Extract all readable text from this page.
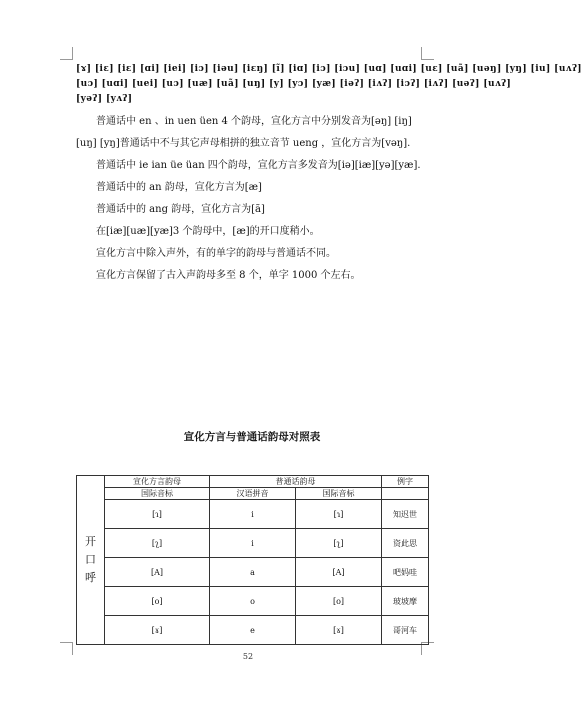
[ɤ] [iɛ] [iɛ] [ɑi] [iei] [iɔ] [iəu] [iɛŋ] [ĩ] [iɑ] [iɔ] [iɔu] [uɑ] [uɑi] [uɛ] [uã] [uəŋ] [yŋ] [iu] [uʌʔ]
[uɔ] [uɑi] [uei] [uɔ] [uæ] [uã] [uŋ] [y] [yɔ] [yæ] [iəʔ] [iʌʔ] [iɔʔ] [iʌʔ] [uəʔ] [uʌʔ]
[yəʔ] [yʌʔ]
普通话中 en 、in uen üen 4 个韵母，宣化方言中分别发音为[əŋ] [iŋ] [uŋ] [yŋ]普通话中不与其它声母相拼的独立音节 ueng ，宣化方言为[vəŋ].
普通话中 ie ian üe üan 四个韵母，宣化方言多发音为[iə][iæ][yə][yæ].
普通话中的 an 韵母，宣化方言为[æ]
普通话中的 ang 韵母，宣化方言为[ã]
在[iæ][uæ][yæ]3 个韵母中，[æ]的开口度稍小。
宣化方言中除入声外，有的单字的韵母与普通话不同。
宣化方言保留了古入声韵母多至 8 个，单字 1000 个左右。
宣化方言与普通话韵母对照表
开
口
呼	宣化方言韵母	普通话韵母		例字
	国际音标	汉语拼音	国际音标	
	[ɿ]	i	[ɿ]	知迟世
	[ʅ]	i	[ʅ]	资此思
	[A]	a	[A]	吧妈哇
	[o]	o	[o]	玻坡摩
	[ɤ]	e	[ɤ]	哥河车
52
